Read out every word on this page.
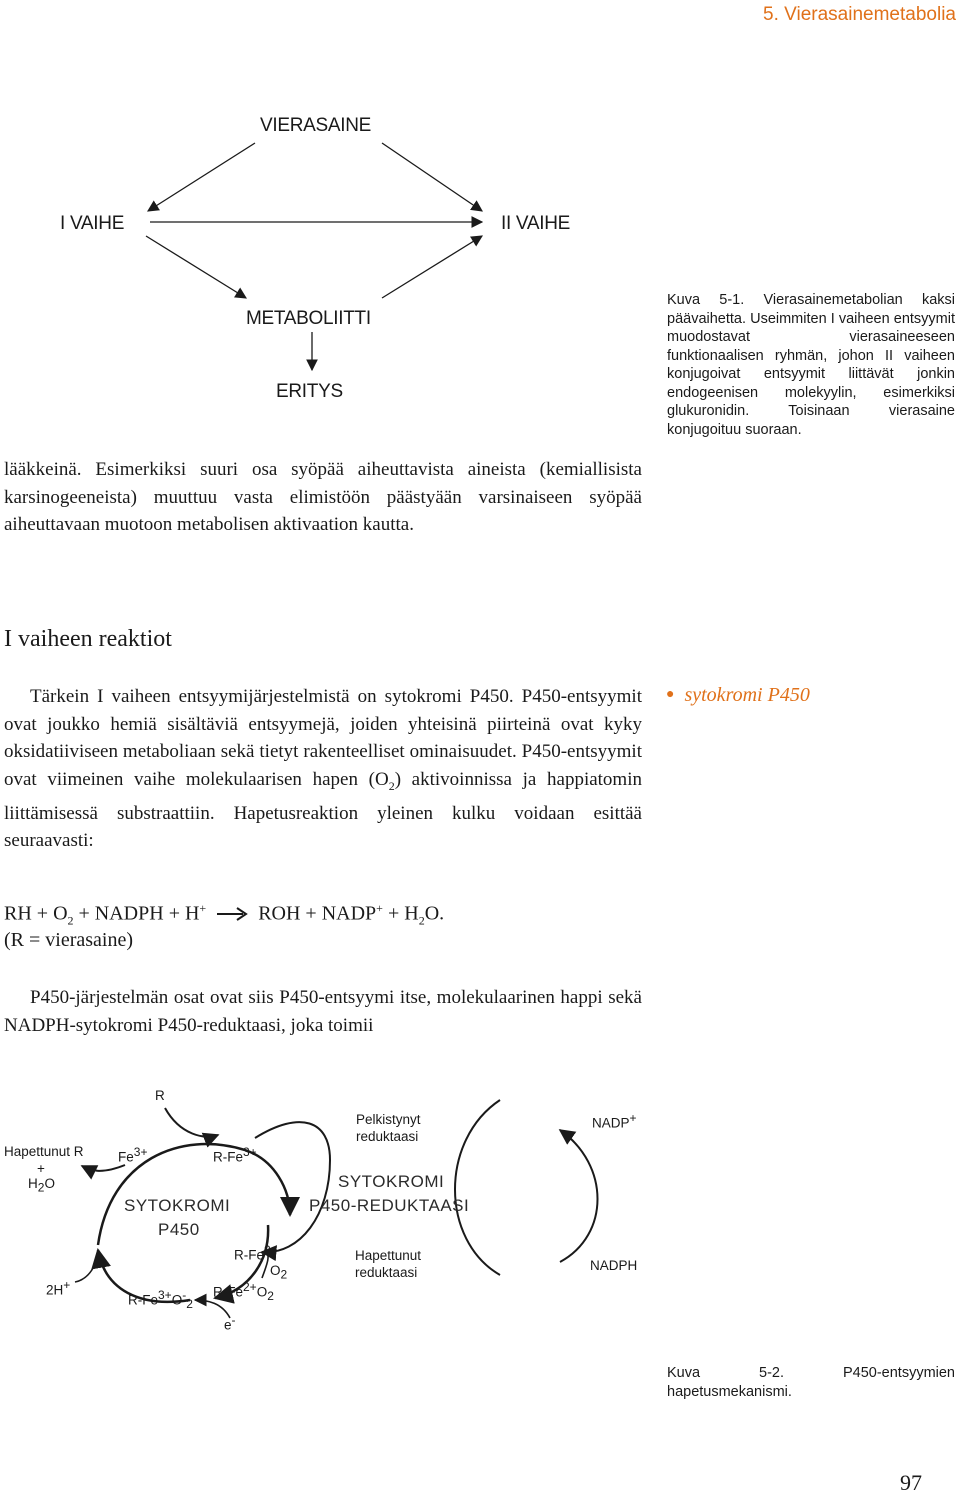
5. Vierasainemetabolia
VIERASAINE
I VAIHE	II VAIHE
METABOLIITTI
ERITYS
Kuva 5-1. Vierasainemetabolian kaksi päävaihetta. Useimmiten I vaiheen entsyymit muodostavat vierasaineeseen funktionaalisen ryhmän, johon II vaiheen konjugoivat entsyymit liittävät jonkin endogeenisen molekyylin, esimerkiksi glukuronidin. Toisinaan vierasaine konjugoituu suoraan.

lääkkeinä. Esimerkiksi suuri osa syöpää aiheuttavista aineista (kemiallisista karsinogeeneista) muuttuu vasta elimistöön päästyään varsinaiseen syöpää aiheuttavaan muotoon metabolisen aktivaation kautta.

I vaiheen reaktiot

Tärkein I vaiheen entsyymijärjestelmistä on sytokromi P450. P450-entsyymit ovat joukko hemiä sisältäviä entsyymejä, joiden yhteisinä piirteinä ovat kyky oksidatiiviseen metaboliaan sekä tietyt rakenteelliset ominaisuudet. P450-entsyymit ovat viimeinen vaihe molekulaarisen hapen $(O_2)$ aktivoinnissa ja happiatomin liittämisessä substraattiin. Hapetusreaktion yleinen kulku voidaan esittää seuraavasti:

● sytokromi P450
RH + $O_2$ + NADPH + H+ → ROH + NADP+ + $H_2O$.
(R = vierasaine)

P450-järjestelmän osat ovat siis P450-entsyymi itse, molekulaarinen happi sekä NADPH-sytokromi P450-reduktaasi, joka toimii

R
Hapettunut R
+
$H_2O$
$Fe^{3+}$	$R-Fe^{3+}$
SYTOKROMI
P450
$R-Fe^{2+}$
$O_2$
2H+
$R-Fe^{3+}O^-_2$
$R-Fe^{2+}O_2$
e-
Pelkistynyt
reduktaasi
SYTOKROMI
P450-REDUKTAASI
Hapettunut
reduktaasi
NADP+
NADPH
Kuva 5-2. P450-entsyymien hapetusmekanismi.
97
